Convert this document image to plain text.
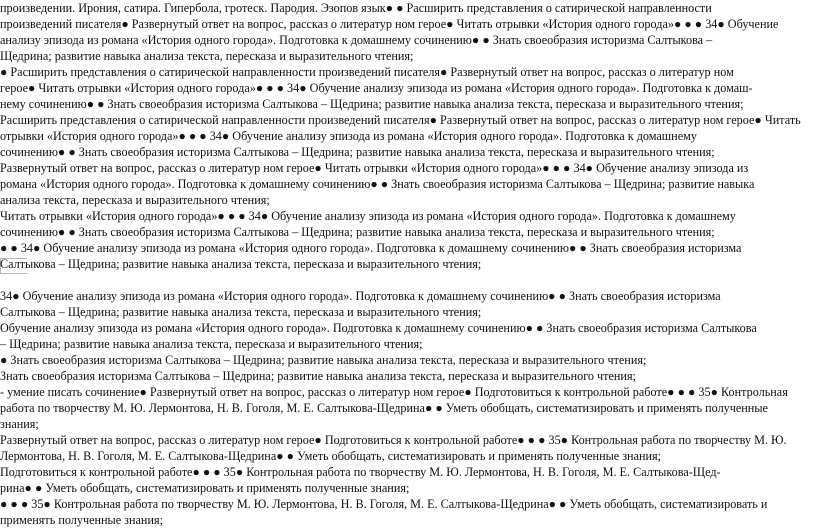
произведении. Ирония, сатира. Гипербола, гротеск. Пародия. Эзопов язык● ● Расширить представления о сатирической направленности
произведений писателя● Развернутый ответ на вопрос, рассказ о литератур ном герое● Читать отрывки «История одного города»● ● ● 34● Обучение
анализу эпизода из романа «История одного города». Подготовка к домашнему сочинению● ● Знать своеобразия историзма Салтыкова –
Щедрина; развитие навыка анализа текста, пересказа и выразительного чтения;
● Расширить представления о сатирической направленности произведений писателя● Развернутый ответ на вопрос, рассказ о литератур ном
герое● Читать отрывки «История одного города»● ● ● 34● Обучение анализу эпизода из романа «История одного города». Подготовка к домаш-
нему сочинению● ● Знать своеобразия историзма Салтыкова – Щедрина; развитие навыка анализа текста, пересказа и выразительного чтения;
Расширить представления о сатирической направленности произведений писателя● Развернутый ответ на вопрос, рассказ о литератур ном герое● Читать
отрывки «История одного города»● ● ● 34● Обучение анализу эпизода из романа «История одного города». Подготовка к домашнему
сочинению● ● Знать своеобразия историзма Салтыкова – Щедрина; развитие навыка анализа текста, пересказа и выразительного чтения;
Развернутый ответ на вопрос, рассказ о литератур ном герое● Читать отрывки «История одного города»● ● ● 34● Обучение анализу эпизода из
романа «История одного города». Подготовка к домашнему сочинению● ● Знать своеобразия историзма Салтыкова – Щедрина; развитие навыка
анализа текста, пересказа и выразительного чтения;
Читать отрывки «История одного города»● ● ● 34● Обучение анализу эпизода из романа «История одного города». Подготовка к домашнему
сочинению● ● Знать своеобразия историзма Салтыкова – Щедрина; развитие навыка анализа текста, пересказа и выразительного чтения;
● ● 34● Обучение анализу эпизода из романа «История одного города». Подготовка к домашнему сочинению● ● Знать своеобразия историзма
Салтыкова – Щедрина; развитие навыка анализа текста, пересказа и выразительного чтения;
34● Обучение анализу эпизода из романа «История одного города». Подготовка к домашнему сочинению● ● Знать своеобразия историзма
Салтыкова – Щедрина; развитие навыка анализа текста, пересказа и выразительного чтения;
Обучение анализу эпизода из романа «История одного города». Подготовка к домашнему сочинению● ● Знать своеобразия историзма Салтыкова
– Щедрина; развитие навыка анализа текста, пересказа и выразительного чтения;
● Знать своеобразия историзма Салтыкова – Щедрина; развитие навыка анализа текста, пересказа и выразительного чтения;
Знать своеобразия историзма Салтыкова – Щедрина; развитие навыка анализа текста, пересказа и выразительного чтения;
- умение писать сочинение● Развернутый ответ на вопрос, рассказ о литератур ном герое● Подготовиться к контрольной работе● ● ● 35● Контрольная
работа по творчеству М. Ю. Лермонтова, Н. В. Гоголя, М. Е. Салтыкова-Щедрина● ● Уметь обобщать, систематизировать и применять полученные
знания;
Развернутый ответ на вопрос, рассказ о литератур ном герое● Подготовиться к контрольной работе● ● ● 35● Контрольная работа по творчеству М. Ю.
Лермонтова, Н. В. Гоголя, М. Е. Салтыкова-Щедрина● ● Уметь обобщать, систематизировать и применять полученные знания;
Подготовиться к контрольной работе● ● ● 35● Контрольная работа по творчеству М. Ю. Лермонтова, Н. В. Гоголя, М. Е. Салтыкова-Щед-
рина● ● Уметь обобщать, систематизировать и применять полученные знания;
● ● ● 35● Контрольная работа по творчеству М. Ю. Лермонтова, Н. В. Гоголя, М. Е. Салтыкова-Щедрина● ● Уметь обобщать, систематизировать и
применять полученные знания;
